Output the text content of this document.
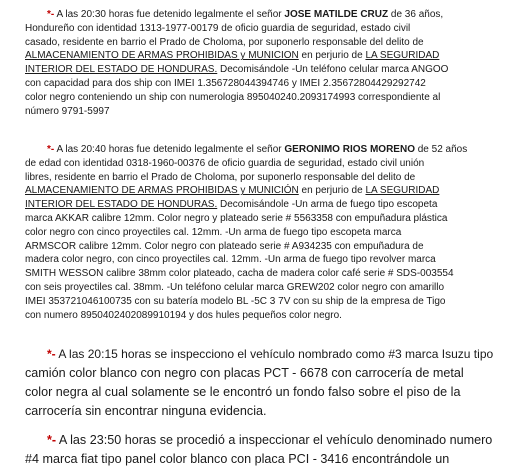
*- A las 20:30 horas fue detenido legalmente el señor JOSE MATILDE CRUZ de 36 años,
Hondureño con identidad 1313-1977-00179 de oficio guardia de seguridad, estado civil
casado, residente en barrio el Prado de Choloma, por suponerlo responsable del delito de
ALMACENAMIENTO DE ARMAS PROHIBIDAS y MUNICION en perjurio de LA SEGURIDAD
INTERIOR DEL ESTADO DE HONDURAS. Decomisándole -Un teléfono celular marca ANGOO
con capacidad para dos ship con IMEI 1.356728044394746 y IMEI 2.35672804429292742
color negro conteniendo un ship con numerologia 895040240.2093174993 correspondiente al
número 9791-5997
*- A las 20:40 horas fue detenido legalmente el señor GERONIMO RIOS MORENO de 52 años
de edad con identidad 0318-1960-00376 de oficio guardia de seguridad, estado civil unión
libres, residente en barrio el Prado de Choloma, por suponerlo responsable del delito de
ALMACENAMIENTO DE ARMAS PROHIBIDAS y MUNICIÓN en perjurio de LA SEGURIDAD
INTERIOR DEL ESTADO DE HONDURAS. Decomisándole -Un arma de fuego tipo escopeta
marca AKKAR calibre 12mm. Color negro y plateado serie # 5563358 con empuñadura plástica
color negro con cinco proyectiles cal. 12mm. -Un arma de fuego tipo escopeta marca
ARMSCOR calibre 12mm. Color negro con plateado serie # A934235 con empuñadura de
madera color negro, con cinco proyectiles cal. 12mm. -Un arma de fuego tipo revolver marca
SMITH WESSON calibre 38mm color plateado, cacha de madera color café serie # SDS-003554
con seis proyectiles cal. 38mm. -Un teléfono celular marca GREW202 color negro con amarillo
IMEI 353721046100735 con su batería modelo BL -5C 3 7V con su ship de la empresa de Tigo
con numero 8950402402089910194 y dos hules pequeños color negro.
*- A las 20:15 horas se inspecciono el vehículo nombrado como #3 marca Isuzu tipo
camión color blanco con negro con placas PCT - 6678 con carrocería de metal
color negra al cual solamente se le encontró un fondo falso sobre el piso de la
carrocería sin encontrar ninguna evidencia.
*- A las 23:50 horas se procedió a inspeccionar el vehículo denominado numero
#4 marca fiat tipo panel color blanco con placa PCI - 3416 encontrándole un
